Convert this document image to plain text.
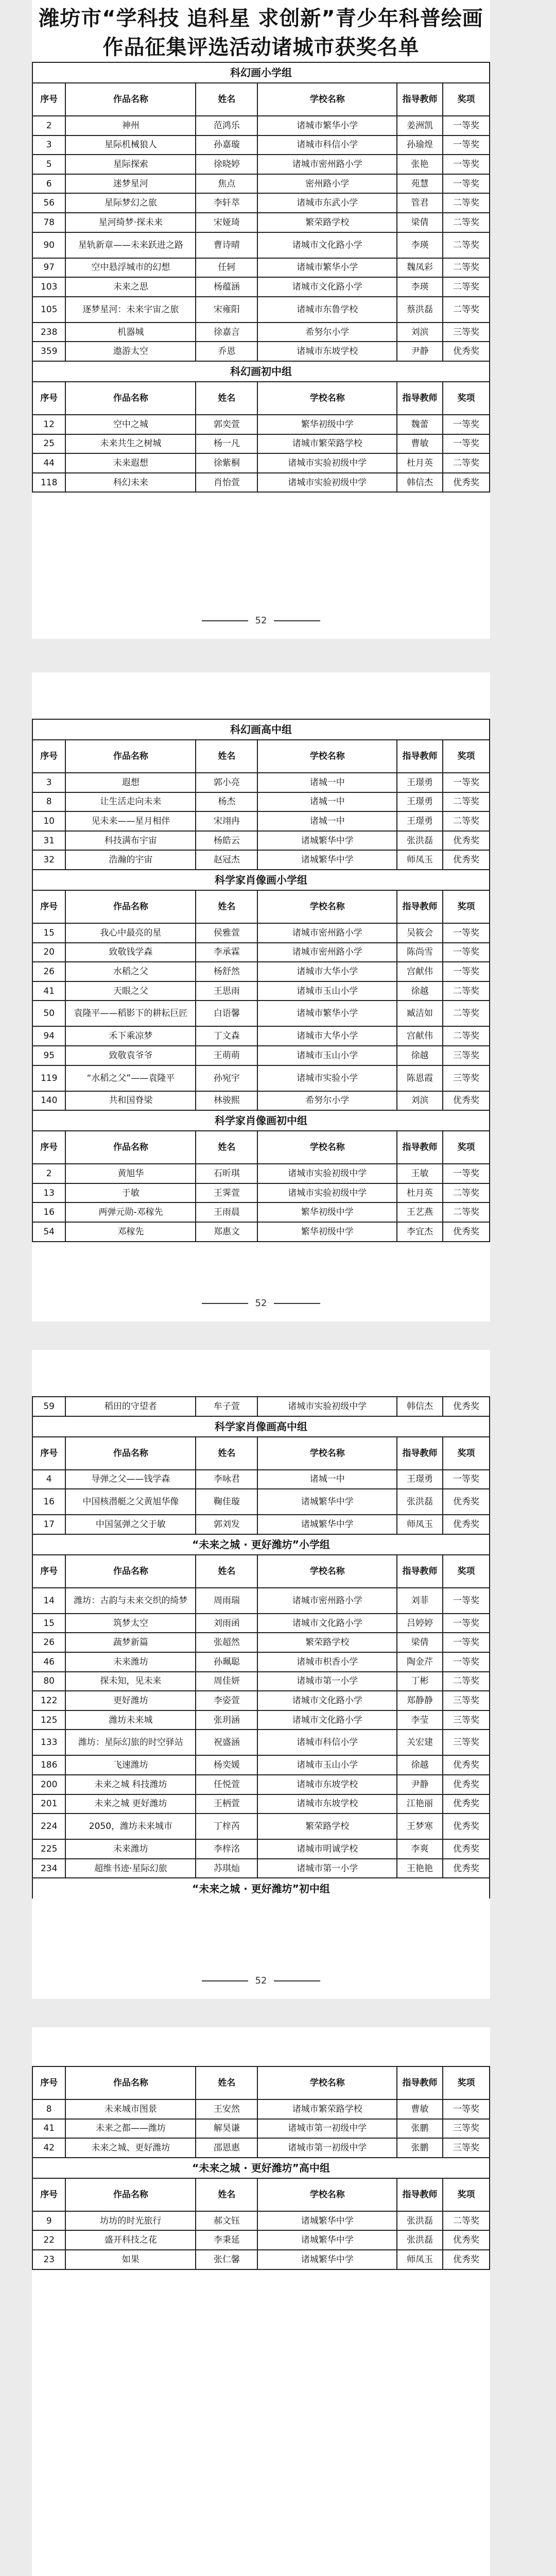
潍坊市“学科技 追科星 求创新”青少年科普绘画
作品征集评选活动诸城市获奖名单
科幻画小学组					
序号	作品名称	姓名	学校名称	指导教师	奖项
2	神州	范鸿乐	诸城市繁华小学	姜洲凯	一等奖
3	星际机械狼人	孙嘉璇	诸城市科信小学	孙瑜煌	一等奖
5	星际探索	徐晓婷	诸城市密州路小学	张艳	一等奖
6	迷梦星河	焦点	密州路小学	苑慧	一等奖
56	星际梦幻之旅	李轩萃	诸城市东武小学	管君	二等奖
78	星河绮梦·探未来	宋娅琦	繁荣路学校	梁倩	二等奖
90	星轨新章——未来跃进之路	曹诗晴	诸城市文化路小学	李瑛	二等奖
97	空中悬浮城市的幻想	任轲	诸城市繁华小学	魏凤彩	二等奖
103	未来之思	杨蕴涵	诸城市文化路小学	李瑛	二等奖
105	逐梦星河：未来宇宙之旅	宋雍阳	诸城市东鲁学校	蔡洪磊	二等奖
238	机器城	徐嘉言	希努尔小学	刘滨	三等奖
359	遨游太空	乔恩	诸城市东坡学校	尹静	优秀奖
科幻画初中组					
序号	作品名称	姓名	学校名称	指导教师	奖项
12	空中之城	郭奕萱	繁华初级中学	魏蕾	一等奖
25	未来共生之树城	杨一凡	诸城市繁荣路学校	曹敏	一等奖
44	未来遐想	徐紫桐	诸城市实验初级中学	杜月英	二等奖
118	科幻未来	肖怡萱	诸城市实验初级中学	韩信杰	优秀奖
52
科幻画高中组					
序号	作品名称	姓名	学校名称	指导教师	奖项
3	遐想	郭小亮	诸城一中	王璟勇	一等奖
8	让生活走向未来	杨杰	诸城一中	王璟勇	二等奖
10	见未来——星月相伴	宋翊冉	诸城一中	王璟勇	二等奖
31	科技满布宇宙	杨皓云	诸城繁华中学	张洪磊	优秀奖
32	浩瀚的宇宙	赵冠杰	诸城繁华中学	师凤玉	优秀奖
科学家肖像画小学组					
序号	作品名称	姓名	学校名称	指导教师	奖项
15	我心中最亮的星	侯雅萱	诸城市密州路小学	吴筱会	一等奖
20	致敬钱学森	李承霖	诸城市密州路小学	陈尚雪	一等奖
26	水稻之父	杨舒然	诸城市大华小学	宫献伟	一等奖
41	天眼之父	王思雨	诸城市玉山小学	徐越	二等奖
50	袁隆平——稻影下的耕耘巨匠	白语馨	诸城市繁华小学	臧洁如	二等奖
94	禾下乘凉梦	丁文森	诸城市大华小学	宫献伟	二等奖
95	致敬袁爷爷	王萌萌	诸城市玉山小学	徐越	三等奖
119	“水稻之父”——袁隆平	孙宛宇	诸城市实验小学	陈恩霞	三等奖
140	共和国脊梁	林骏熙	希努尔小学	刘滨	优秀奖
科学家肖像画初中组					
序号	作品名称	姓名	学校名称	指导教师	奖项
2	黄旭华	石昕琪	诸城市实验初级中学	王敏	一等奖
13	于敏	王霁萱	诸城市实验初级中学	杜月英	二等奖
16	两弹元勋-邓稼先	王雨晨	繁华初级中学	王艺燕	二等奖
54	邓稼先	郑惠文	繁华初级中学	李宜杰	优秀奖
52
59	稻田的守望者	牟子萱	诸城市实验初级中学	韩信杰	优秀奖
科学家肖像画高中组					
序号	作品名称	姓名	学校名称	指导教师	奖项
4	导弹之父——钱学森	李咏君	诸城一中	王璟勇	一等奖
16	中国核潜艇之父黄旭华像	鞠佳璇	诸城繁华中学	张洪磊	优秀奖
17	中国氢弹之父于敏	郭刘发	诸城繁华中学	师凤玉	优秀奖
“未来之城 · 更好潍坊”小学组					
序号	作品名称	姓名	学校名称	指导教师	奖项
14	潍坊：古韵与未来交织的绮梦	周雨瑞	诸城市密州路小学	刘菲	一等奖
15	筑梦太空	刘雨函	诸城市文化路小学	吕婷婷	一等奖
26	蔬梦新篇	张超然	繁荣路学校	梁倩	一等奖
46	未来潍坊	孙珮聪	诸城市枳香小学	陶金芹	一等奖
80	探未知，见未来	周佳妍	诸城市第一小学	丁彬	二等奖
122	更好潍坊	李姿萱	诸城市文化路小学	郑静静	三等奖
125	潍坊未来城	张玥涵	诸城市文化路小学	李莹	三等奖
133	潍坊：星际幻旅的时空驿站	祝盛涵	诸城市科信小学	关宏建	三等奖
186	飞速潍坊	杨奕媛	诸城市玉山小学	徐越	优秀奖
200	未来之城 科技潍坊	任悦萱	诸城市东坡学校	尹静	优秀奖
201	未来之城 更好潍坊	王柄萱	诸城市东坡学校	江艳丽	优秀奖
224	2050，潍坊未来城市	丁梓芮	繁荣路学校	王梦寒	优秀奖
225	未来潍坊	李梓洺	诸城市明诚学校	李爽	优秀奖
234	超维书迹·星际幻旅	苏琪灿	诸城市第一小学	王艳艳	优秀奖
“未来之城 · 更好潍坊”初中组					
52
序号	作品名称	姓名	学校名称	指导教师	奖项
8	未来城市图景	王安然	诸城市繁荣路学校	曹敏	一等奖
41	未来之都——潍坊	解昊谦	诸城市第一初级中学	张鹏	三等奖
42	未来之城、更好潍坊	邵恩惠	诸城市第一初级中学	张鹏	三等奖
“未来之城 · 更好潍坊”高中组					
序号	作品名称	姓名	学校名称	指导教师	奖项
9	坊坊的时光旅行	郝文钰	诸城繁华中学	张洪磊	二等奖
22	盛开科技之花	李秉延	诸城繁华中学	张洪磊	优秀奖
23	如果	张仁馨	诸城繁华中学	师凤玉	优秀奖
